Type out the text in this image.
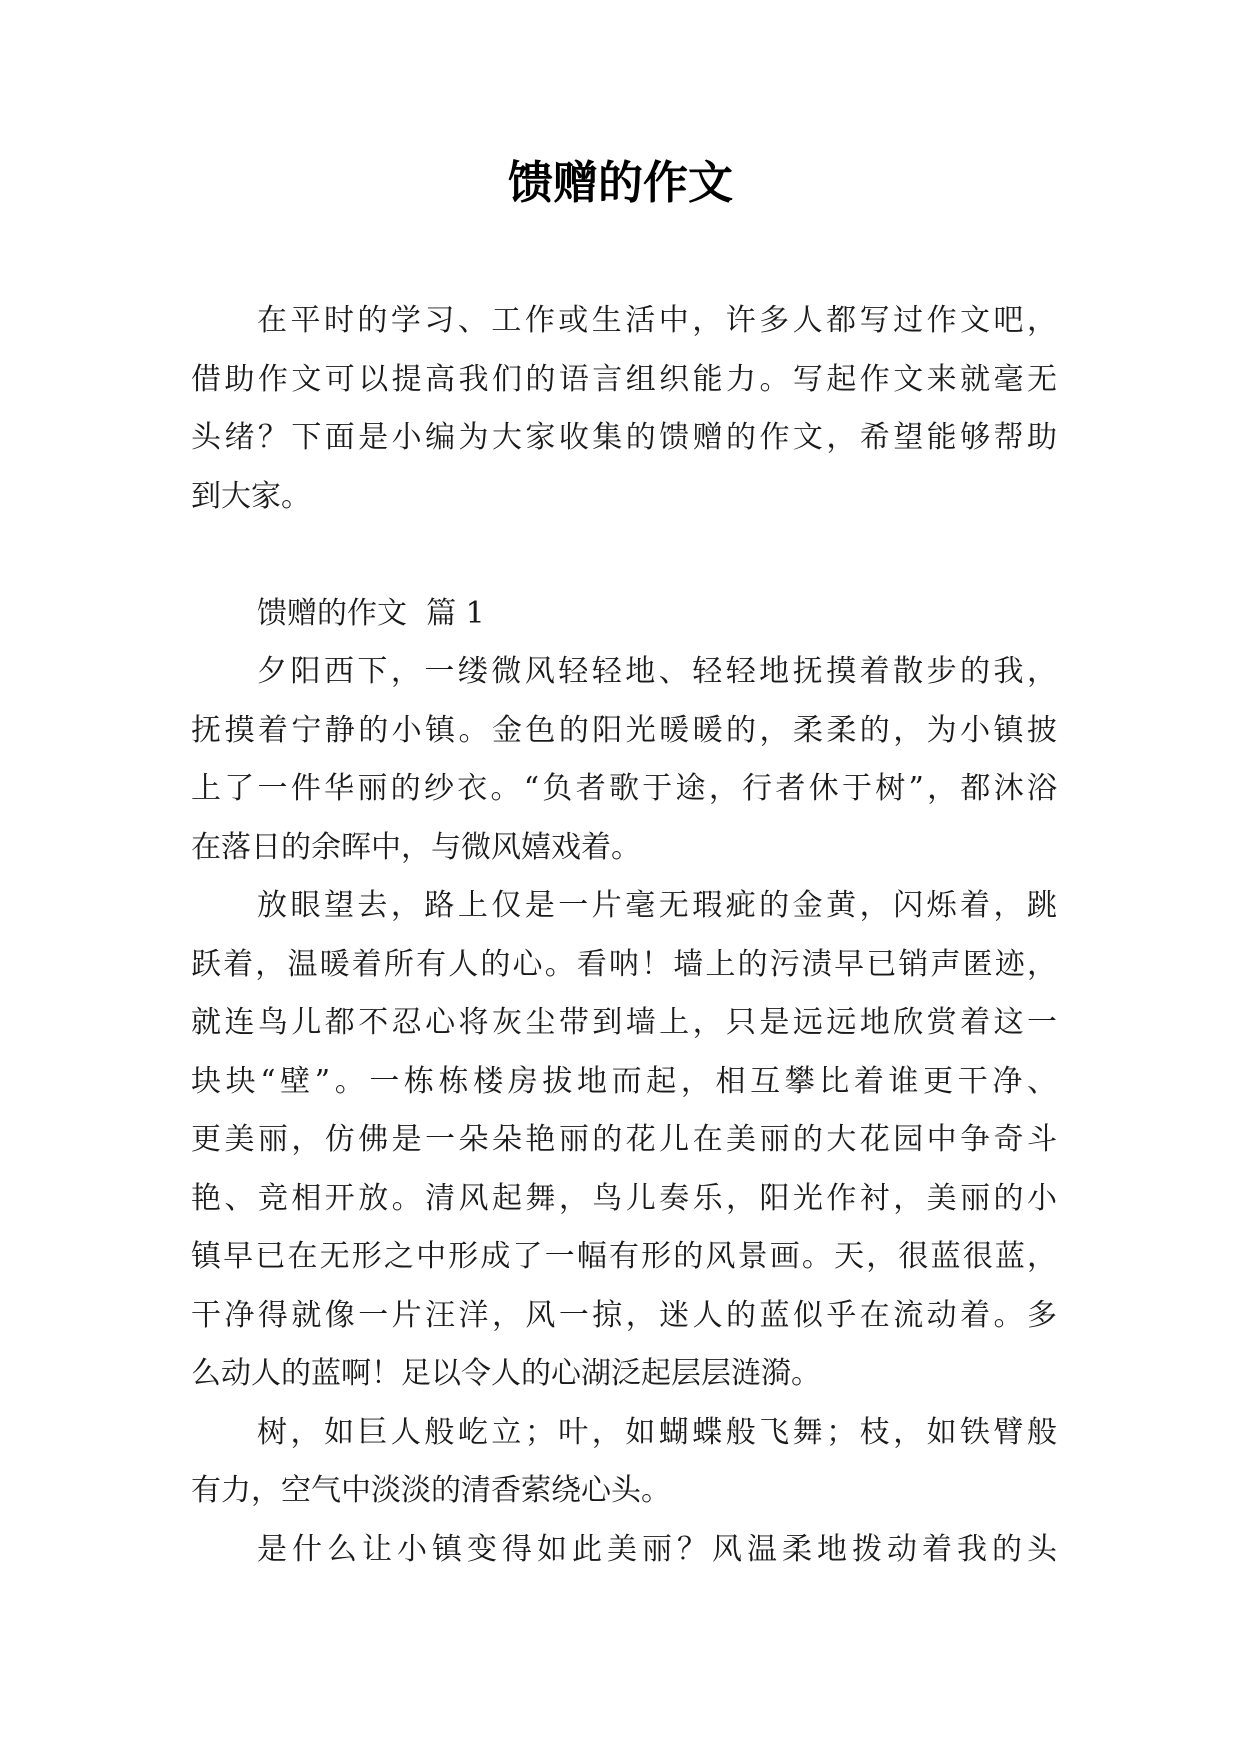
馈赠的作文
在平时的学习、工作或生活中，许多人都写过作文吧，
借助作文可以提高我们的语言组织能力。写起作文来就毫无
头绪？下面是小编为大家收集的馈赠的作文，希望能够帮助
到大家。
馈赠的作文  篇 1
夕阳西下，一缕微风轻轻地、轻轻地抚摸着散步的我，
抚摸着宁静的小镇。金色的阳光暖暖的，柔柔的，为小镇披
上了一件华丽的纱衣。“负者歌于途，行者休于树”，都沐浴
在落日的余晖中，与微风嬉戏着。
放眼望去，路上仅是一片毫无瑕疵的金黄，闪烁着，跳
跃着，温暖着所有人的心。看呐！墙上的污渍早已销声匿迹，
就连鸟儿都不忍心将灰尘带到墙上，只是远远地欣赏着这一
块块“壁”。一栋栋楼房拔地而起，相互攀比着谁更干净、
更美丽，仿佛是一朵朵艳丽的花儿在美丽的大花园中争奇斗
艳、竞相开放。清风起舞，鸟儿奏乐，阳光作衬，美丽的小
镇早已在无形之中形成了一幅有形的风景画。天，很蓝很蓝，
干净得就像一片汪洋，风一掠，迷人的蓝似乎在流动着。多
么动人的蓝啊！足以令人的心湖泛起层层涟漪。
树，如巨人般屹立；叶，如蝴蝶般飞舞；枝，如铁臂般
有力，空气中淡淡的清香萦绕心头。
是什么让小镇变得如此美丽？风温柔地拨动着我的头
